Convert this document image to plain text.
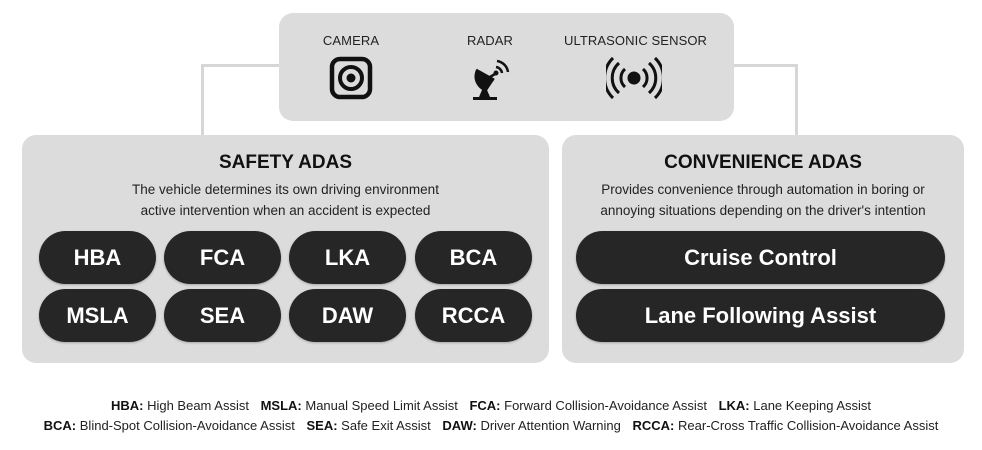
CAMERA	RADAR	ULTRASONIC SENSOR
SAFETY ADAS
The vehicle determines its own driving environment
active intervention when an accident is expected
HBA	FCA	LKA	BCA
MSLA	SEA	DAW	RCCA
CONVENIENCE ADAS
Provides convenience through automation in boring or
annoying situations depending on the driver's intention
Cruise Control
Lane Following Assist
HBA: High Beam Assist MSLA: Manual Speed Limit Assist FCA: Forward Collision-Avoidance Assist LKA: Lane Keeping Assist
BCA: Blind-Spot Collision-Avoidance Assist SEA: Safe Exit Assist DAW: Driver Attention Warning RCCA: Rear-Cross Traffic Collision-Avoidance Assist
